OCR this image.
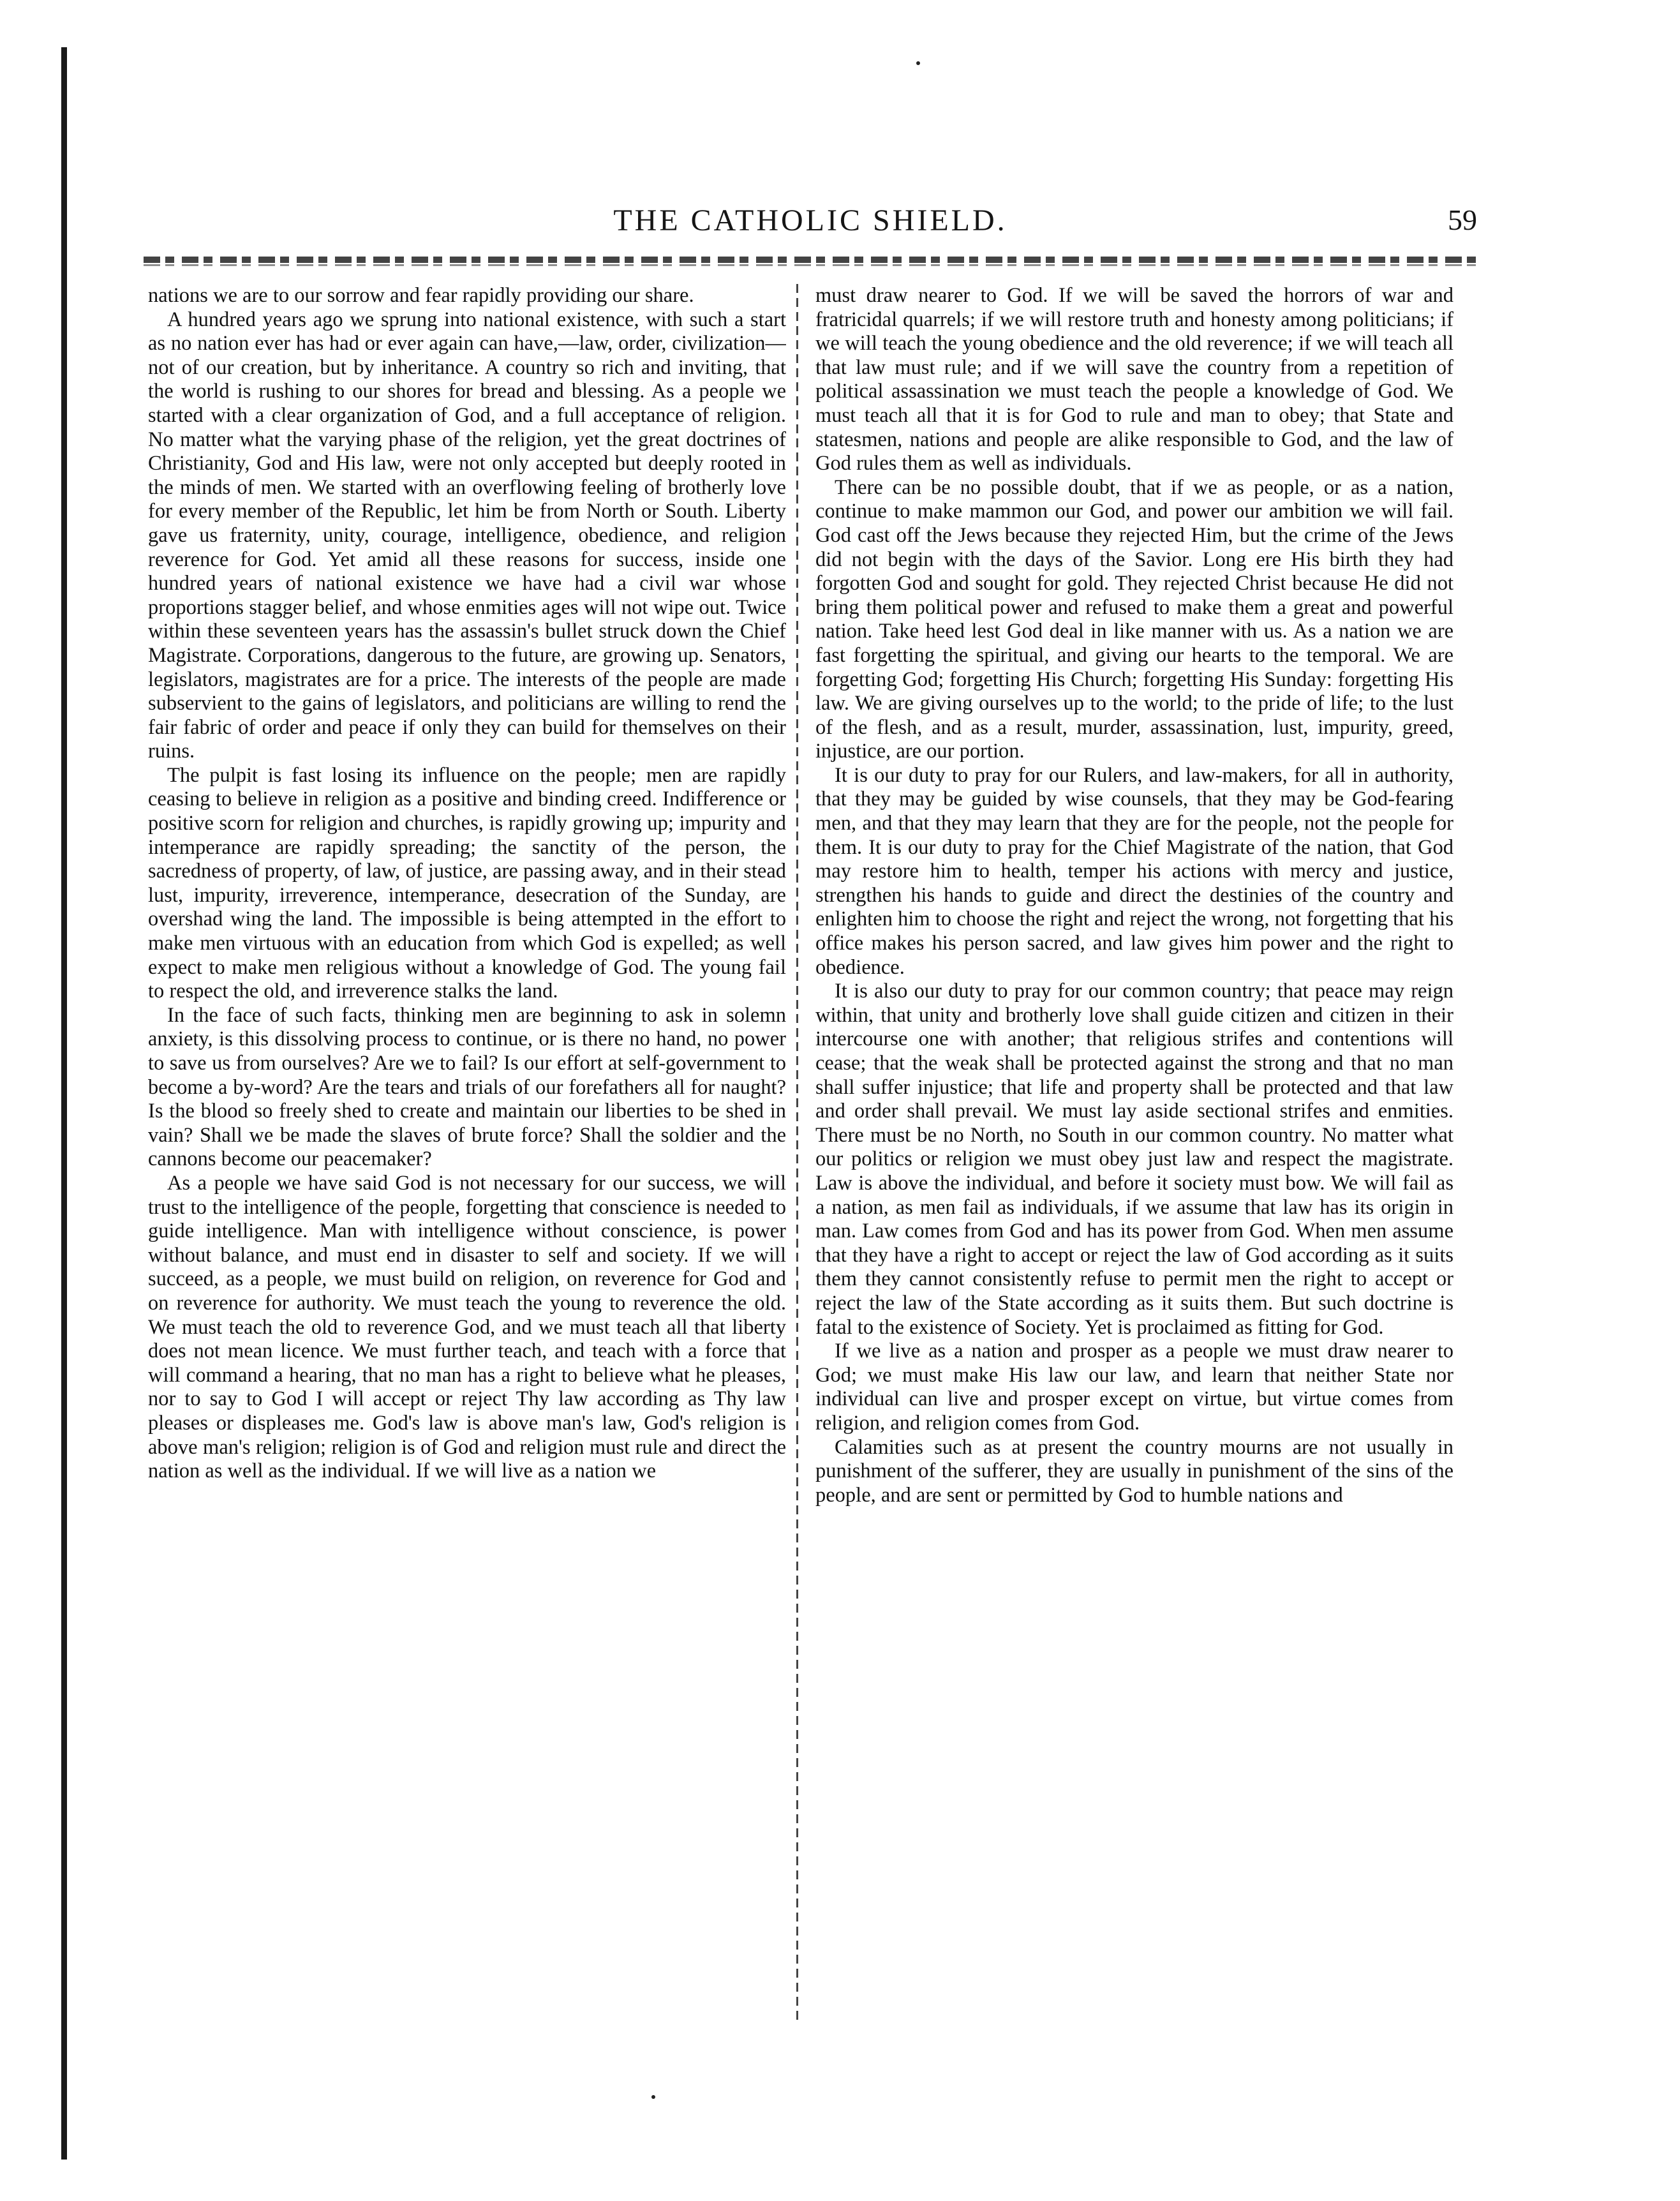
THE CATHOLIC SHIELD.	59

nations we are to our sorrow and fear rapidly providing our share.

A hundred years ago we sprung into national existence, with such a start as no nation ever has had or ever again can have,—law, order, civilization—not of our creation, but by inheritance. A country so rich and inviting, that the world is rushing to our shores for bread and blessing. As a people we started with a clear organization of God, and a full acceptance of religion. No matter what the varying phase of the religion, yet the great doctrines of Christianity, God and His law, were not only accepted but deeply rooted in the minds of men. We started with an overflowing feeling of brotherly love for every member of the Republic, let him be from North or South. Liberty gave us fraternity, unity, courage, intelligence, obedience, and religion reverence for God. Yet amid all these reasons for success, inside one hundred years of national existence we have had a civil war whose proportions stagger belief, and whose enmities ages will not wipe out. Twice within these seventeen years has the assassin's bullet struck down the Chief Magistrate. Corporations, dangerous to the future, are growing up. Senators, legislators, magistrates are for a price. The interests of the people are made subservient to the gains of legislators, and politicians are willing to rend the fair fabric of order and peace if only they can build for themselves on their ruins.

The pulpit is fast losing its influence on the people; men are rapidly ceasing to believe in religion as a positive and binding creed. Indifference or positive scorn for religion and churches, is rapidly growing up; impurity and intemperance are rapidly spreading; the sanctity of the person, the sacredness of property, of law, of justice, are passing away, and in their stead lust, impurity, irreverence, intemperance, desecration of the Sunday, are overshad wing the land. The impossible is being attempted in the effort to make men virtuous with an education from which God is expelled; as well expect to make men religious without a knowledge of God. The young fail to respect the old, and irreverence stalks the land.

In the face of such facts, thinking men are beginning to ask in solemn anxiety, is this dissolving process to continue, or is there no hand, no power to save us from ourselves? Are we to fail? Is our effort at self-government to become a by-word? Are the tears and trials of our forefathers all for naught? Is the blood so freely shed to create and maintain our liberties to be shed in vain? Shall we be made the slaves of brute force? Shall the soldier and the cannons become our peacemaker?

As a people we have said God is not necessary for our success, we will trust to the intelligence of the people, forgetting that conscience is needed to guide intelligence. Man with intelligence without conscience, is power without balance, and must end in disaster to self and society. If we will succeed, as a people, we must build on religion, on reverence for God and on reverence for authority. We must teach the young to reverence the old. We must teach the old to reverence God, and we must teach all that liberty does not mean licence. We must further teach, and teach with a force that will command a hearing, that no man has a right to believe what he pleases, nor to say to God I will accept or reject Thy law according as Thy law pleases or displeases me. God's law is above man's law, God's religion is above man's religion; religion is of God and religion must rule and direct the nation as well as the individual. If we will live as a nation we

must draw nearer to God. If we will be saved the horrors of war and fratricidal quarrels; if we will restore truth and honesty among politicians; if we will teach the young obedience and the old reverence; if we will teach all that law must rule; and if we will save the country from a repetition of political assassination we must teach the people a knowledge of God. We must teach all that it is for God to rule and man to obey; that State and statesmen, nations and people are alike responsible to God, and the law of God rules them as well as individuals.

There can be no possible doubt, that if we as people, or as a nation, continue to make mammon our God, and power our ambition we will fail. God cast off the Jews because they rejected Him, but the crime of the Jews did not begin with the days of the Savior. Long ere His birth they had forgotten God and sought for gold. They rejected Christ because He did not bring them political power and refused to make them a great and powerful nation. Take heed lest God deal in like manner with us. As a nation we are fast forgetting the spiritual, and giving our hearts to the temporal. We are forgetting God; forgetting His Church; forgetting His Sunday: forgetting His law. We are giving ourselves up to the world; to the pride of life; to the lust of the flesh, and as a result, murder, assassination, lust, impurity, greed, injustice, are our portion.

It is our duty to pray for our Rulers, and law-makers, for all in authority, that they may be guided by wise counsels, that they may be God-fearing men, and that they may learn that they are for the people, not the people for them. It is our duty to pray for the Chief Magistrate of the nation, that God may restore him to health, temper his actions with mercy and justice, strengthen his hands to guide and direct the destinies of the country and enlighten him to choose the right and reject the wrong, not forgetting that his office makes his person sacred, and law gives him power and the right to obedience.

It is also our duty to pray for our common country; that peace may reign within, that unity and brotherly love shall guide citizen and citizen in their intercourse one with another; that religious strifes and contentions will cease; that the weak shall be protected against the strong and that no man shall suffer injustice; that life and property shall be protected and that law and order shall prevail. We must lay aside sectional strifes and enmities. There must be no North, no South in our common country. No matter what our politics or religion we must obey just law and respect the magistrate. Law is above the individual, and before it society must bow. We will fail as a nation, as men fail as individuals, if we assume that law has its origin in man. Law comes from God and has its power from God. When men assume that they have a right to accept or reject the law of God according as it suits them they cannot consistently refuse to permit men the right to accept or reject the law of the State according as it suits them. But such doctrine is fatal to the existence of Society. Yet is proclaimed as fitting for God.

If we live as a nation and prosper as a people we must draw nearer to God; we must make His law our law, and learn that neither State nor individual can live and prosper except on virtue, but virtue comes from religion, and religion comes from God.

Calamities such as at present the country mourns are not usually in punishment of the sufferer, they are usually in punishment of the sins of the people, and are sent or permitted by God to humble nations and
